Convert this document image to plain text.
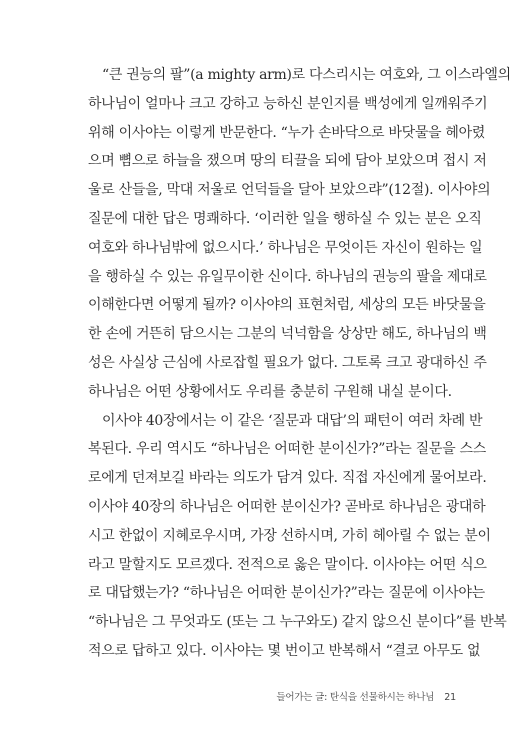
“큰 권능의 팔”(a mighty arm)로 다스리시는 여호와, 그 이스라엘의
하나님이 얼마나 크고 강하고 능하신 분인지를 백성에게 일깨워주기
위해 이사야는 이렇게 반문한다. “누가 손바닥으로 바닷물을 헤아렸
으며 뼘으로 하늘을 쟀으며 땅의 티끌을 되에 담아 보았으며 접시 저
울로 산들을, 막대 저울로 언덕들을 달아 보았으랴”(12절). 이사야의
질문에 대한 답은 명쾌하다. ‘이러한 일을 행하실 수 있는 분은 오직
여호와 하나님밖에 없으시다.’ 하나님은 무엇이든 자신이 원하는 일
을 행하실 수 있는 유일무이한 신이다. 하나님의 권능의 팔을 제대로
이해한다면 어떻게 될까? 이사야의 표현처럼, 세상의 모든 바닷물을
한 손에 거뜬히 담으시는 그분의 넉넉함을 상상만 해도, 하나님의 백
성은 사실상 근심에 사로잡힐 필요가 없다. 그토록 크고 광대하신 주
하나님은 어떤 상황에서도 우리를 충분히 구원해 내실 분이다.
이사야 40장에서는 이 같은 ‘질문과 대답’의 패턴이 여러 차례 반
복된다. 우리 역시도 “하나님은 어떠한 분이신가?”라는 질문을 스스
로에게 던져보길 바라는 의도가 담겨 있다. 직접 자신에게 물어보라.
이사야 40장의 하나님은 어떠한 분이신가? 곧바로 하나님은 광대하
시고 한없이 지혜로우시며, 가장 선하시며, 가히 헤아릴 수 없는 분이
라고 말할지도 모르겠다. 전적으로 옳은 말이다. 이사야는 어떤 식으
로 대답했는가? “하나님은 어떠한 분이신가?”라는 질문에 이사야는
“하나님은 그 무엇과도 (또는 그 누구와도) 같지 않으신 분이다”를 반복
적으로 답하고 있다. 이사야는 몇 번이고 반복해서 “결코 아무도 없
들어가는 글: 탄식을 선물하시는 하나님 21
